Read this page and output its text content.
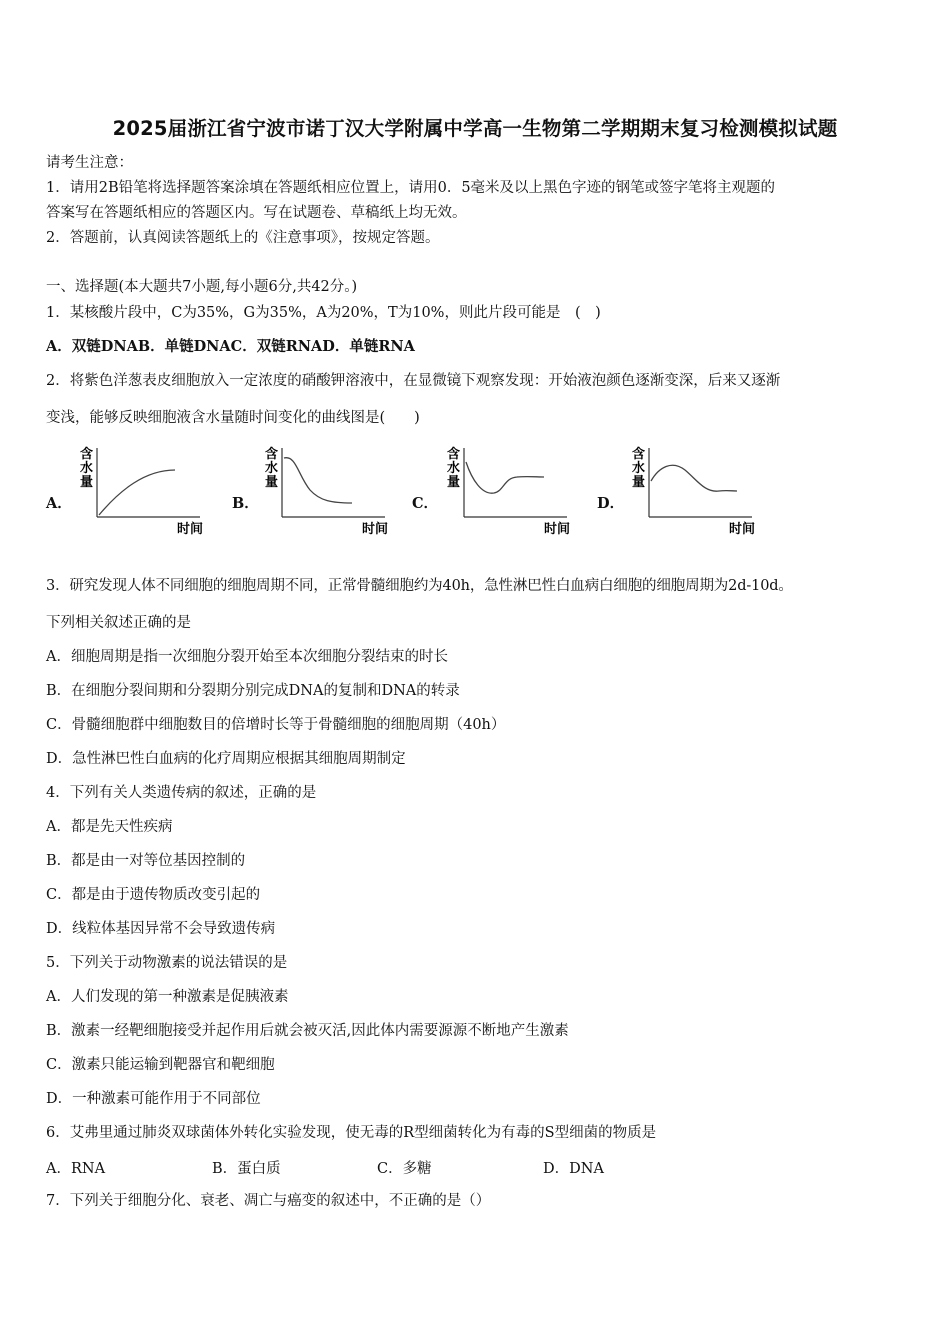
2025届浙江省宁波市诺丁汉大学附属中学高一生物第二学期期末复习检测模拟试题
请考生注意：
1．请用2B铅笔将选择题答案涂填在答题纸相应位置上，请用0．5毫米及以上黑色字迹的钢笔或签字笔将主观题的
答案写在答题纸相应的答题区内。写在试题卷、草稿纸上均无效。
2．答题前，认真阅读答题纸上的《注意事项》，按规定答题。
一、选择题(本大题共7小题,每小题6分,共42分。)
1．某核酸片段中，C为35%，G为35%，A为20%，T为10%，则此片段可能是　(　)
A．双链DNAB．单链DNAC．双链RNAD．单链RNA
2．将紫色洋葱表皮细胞放入一定浓度的硝酸钾溶液中，在显微镜下观察发现：开始液泡颜色逐渐变深，后来又逐渐
变浅，能够反映细胞液含水量随时间变化的曲线图是(　　)
A．
含
水
量
时间
B．
含
水
量
时间
C．
含
水
量
时间
D．
含
水
量
时间
3．研究发现人体不同细胞的细胞周期不同，正常骨髓细胞约为40h，急性淋巴性白血病白细胞的细胞周期为2d-10d。
下列相关叙述正确的是
A．细胞周期是指一次细胞分裂开始至本次细胞分裂结束的时长
B．在细胞分裂间期和分裂期分别完成DNA的复制和DNA的转录
C．骨髓细胞群中细胞数目的倍增时长等于骨髓细胞的细胞周期（40h）
D．急性淋巴性白血病的化疗周期应根据其细胞周期制定
4．下列有关人类遗传病的叙述，正确的是
A．都是先天性疾病
B．都是由一对等位基因控制的
C．都是由于遗传物质改变引起的
D．线粒体基因异常不会导致遗传病
5．下列关于动物激素的说法错误的是
A．人们发现的第一种激素是促胰液素
B．激素一经靶细胞接受并起作用后就会被灭活,因此体内需要源源不断地产生激素
C．激素只能运输到靶器官和靶细胞
D．一种激素可能作用于不同部位
6．艾弗里通过肺炎双球菌体外转化实验发现，使无毒的R型细菌转化为有毒的S型细菌的物质是
A．RNA	B．蛋白质	C．多糖	D．DNA
7．下列关于细胞分化、衰老、凋亡与癌变的叙述中，不正确的是（）
